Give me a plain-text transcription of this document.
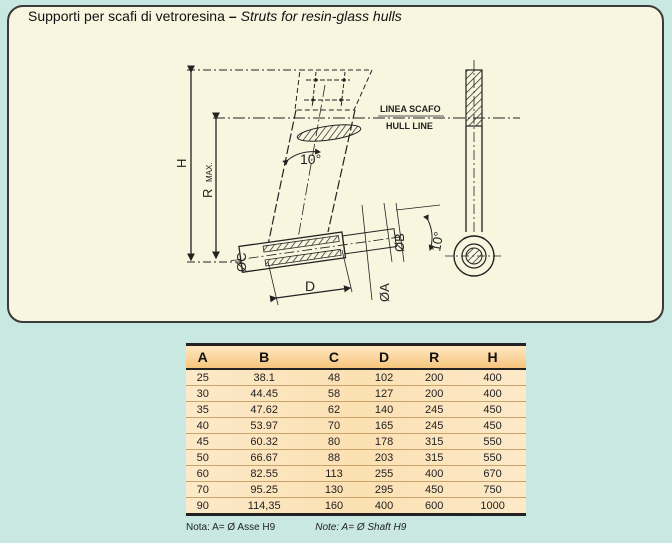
Supporti per scafi di vetroresina – Struts for resin-glass hulls
H
R
MAX.
LINEA SCAFO
HULL LINE
10°
ØC
D
ØB
ØA
10°

A	B	C	D	R	H
25	38.1	48	102	200	400
30	44.45	58	127	200	400
35	47.62	62	140	245	450
40	53.97	70	165	245	450
45	60.32	80	178	315	550
50	66.67	88	203	315	550
60	82.55	113	255	400	670
70	95.25	130	295	450	750
90	114,35	160	400	600	1000
Nota: A= Ø Asse H9	Note: A= Ø Shaft H9
